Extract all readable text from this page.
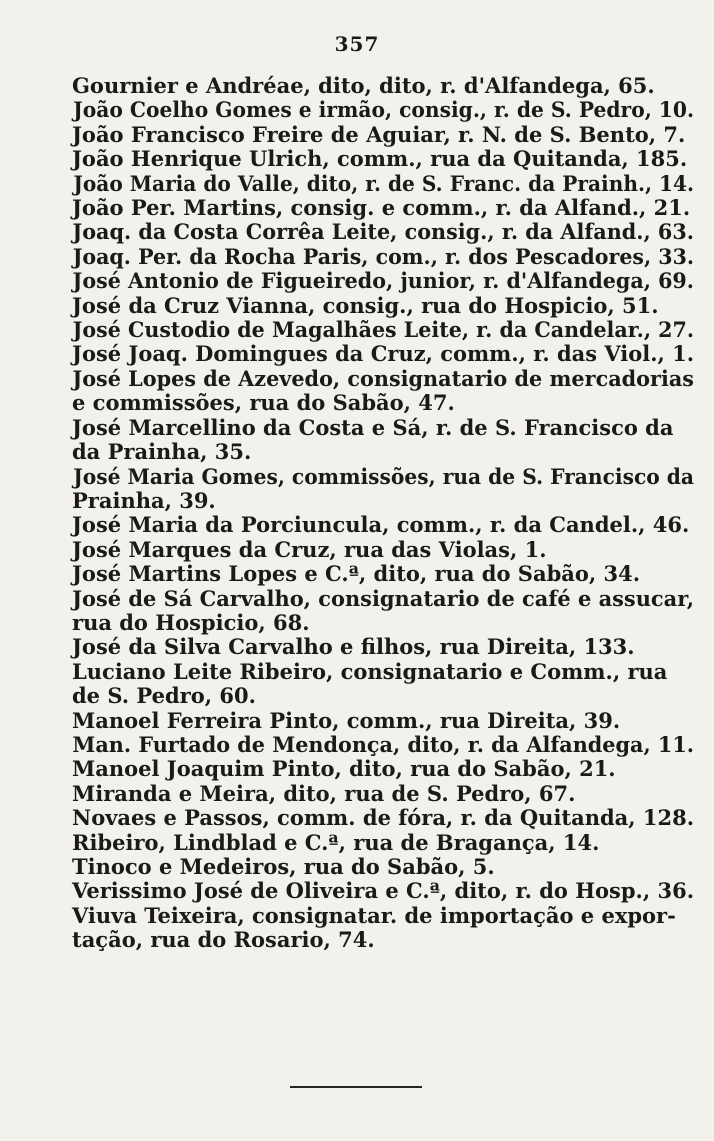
357
Gournier e Andréae, dito, dito, r. d'Alfandega, 65.
João Coelho Gomes e irmão, consig., r. de S. Pedro, 10.
João Francisco Freire de Aguiar, r. N. de S. Bento, 7.
João Henrique Ulrich, comm., rua da Quitanda, 185.
João Maria do Valle, dito, r. de S. Franc. da Prainh., 14.
João Per. Martins, consig. e comm., r. da Alfand., 21.
Joaq. da Costa Corrêa Leite, consig., r. da Alfand., 63.
Joaq. Per. da Rocha Paris, com., r. dos Pescadores, 33.
José Antonio de Figueiredo, junior, r. d'Alfandega, 69.
José da Cruz Vianna, consig., rua do Hospicio, 51.
José Custodio de Magalhães Leite, r. da Candelar., 27.
José Joaq. Domingues da Cruz, comm., r. das Viol., 1.
José Lopes de Azevedo, consignatario de mercadorias
e commissões, rua do Sabão, 47.
José Marcellino da Costa e Sá, r. de S. Francisco da
da Prainha, 35.
José Maria Gomes, commissões, rua de S. Francisco da
Prainha, 39.
José Maria da Porciuncula, comm., r. da Candel., 46.
José Marques da Cruz, rua das Violas, 1.
José Martins Lopes e C.ª, dito, rua do Sabão, 34.
José de Sá Carvalho, consignatario de café e assucar,
rua do Hospicio, 68.
José da Silva Carvalho e filhos, rua Direita, 133.
Luciano Leite Ribeiro, consignatario e Comm., rua
de S. Pedro, 60.
Manoel Ferreira Pinto, comm., rua Direita, 39.
Man. Furtado de Mendonça, dito, r. da Alfandega, 11.
Manoel Joaquim Pinto, dito, rua do Sabão, 21.
Miranda e Meira, dito, rua de S. Pedro, 67.
Novaes e Passos, comm. de fóra, r. da Quitanda, 128.
Ribeiro, Lindblad e C.ª, rua de Bragança, 14.
Tinoco e Medeiros, rua do Sabão, 5.
Verissimo José de Oliveira e C.ª, dito, r. do Hosp., 36.
Viuva Teixeira, consignatar. de importação e expor-
tação, rua do Rosario, 74.
